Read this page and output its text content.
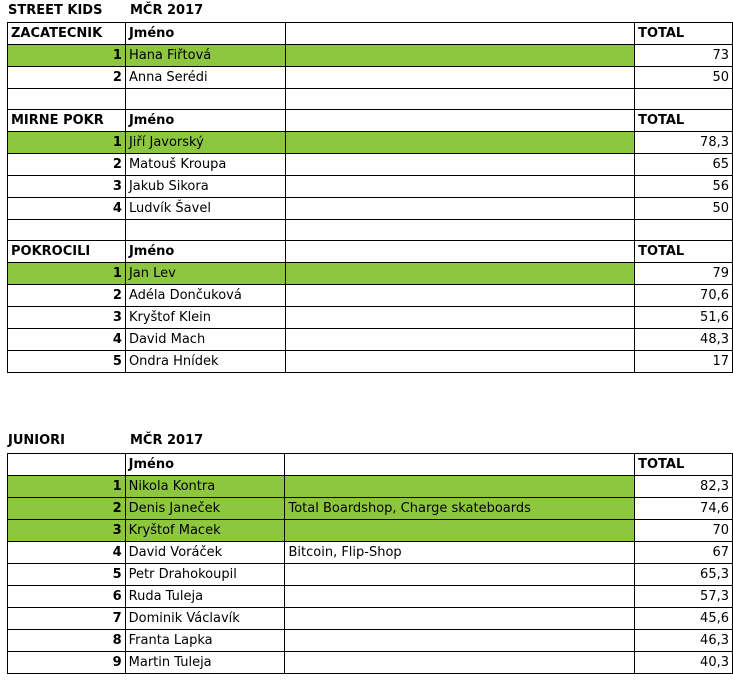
STREET KIDS MČR 2017
ZACATECNIK	Jméno		TOTAL
1	Hana Fiřtová		73
2	Anna Serédi		50

MIRNE POKR	Jméno		TOTAL
1	Jiří Javorský		78,3
2	Matouš Kroupa		65
3	Jakub Sikora		56
4	Ludvík Šavel		50

POKROCILI	Jméno		TOTAL
1	Jan Lev		79
2	Adéla Dončuková		70,6
3	Kryštof Klein		51,6
4	David Mach		48,3
5	Ondra Hnídek		17
JUNIORI	MČR 2017
	Jméno		TOTAL
1	Nikola Kontra		82,3
2	Denis Janeček	Total Boardshop, Charge skateboards	74,6
3	Kryštof Macek		70
4	David Voráček	Bitcoin, Flip-Shop	67
5	Petr Drahokoupil		65,3
6	Ruda Tuleja		57,3
7	Dominik Václavík		45,6
8	Franta Lapka		46,3
9	Martin Tuleja		40,3
